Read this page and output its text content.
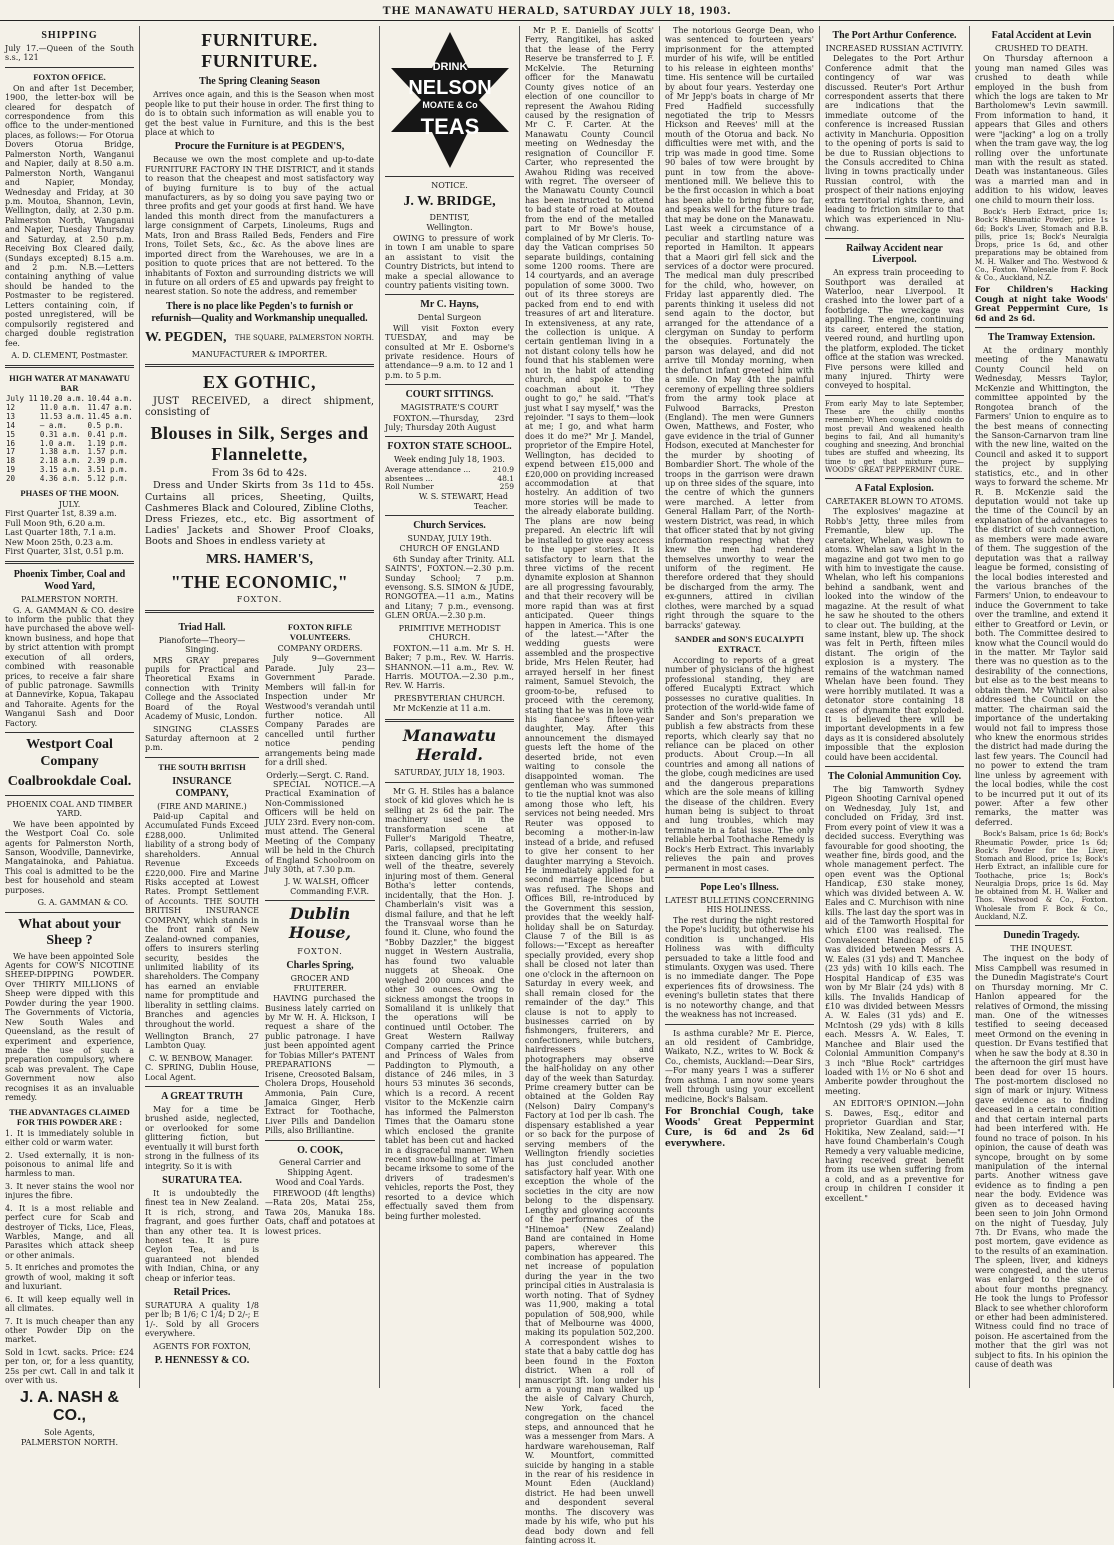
THE MANAWATU HERALD, SATURDAY JULY 18, 1903.
SHIPPING

July 17.—Queen of the South s.s., 121

FOXTON OFFICE.

On and after 1st December, 1900, the letter-box will be cleared for despatch of correspondence from this office to the under-mentioned places, as follows:— For Otorua Dovers Otorua Bridge, Palmerston North, Wanganui and Napier, daily at 8.50 a.m. Palmerston North, Wanganui and Napier, Monday, Wednesday and Friday, at 30 p.m. Moutoa, Shannon, Levin, Wellington, daily, at 2.30 p.m. Palmerston North, Wanganui and Napier, Tuesday Thursday and Saturday, at 2.50 p.m. Receiving Box Cleared daily, (Sundays excepted) 8.15 a.m. and 2 p.m. N.B.—Letters containing anything of value should be handed to the Postmaster to be registered. Letters containing coin, if posted unregistered, will be compulsorily registered and charged double registration fee.

A. D. CLEMENT, Postmaster.
HIGH WATER AT MANAWATU BAR
July 11	10.20 a.m.	10.44 a.m.
12	11.0 a.m.	11.47 a.m.
13	11.53 a.m.	11.45 a.m.
14	— a.m.	0.5 p.m.
15	0.31 a.m.	0.41 p.m.
16	1.0 a.m.	1.19 p.m.
17	1.38 a.m.	1.57 p.m.
18	2.18 a.m.	2.39 p.m.
19	3.15 a.m.	3.51 p.m.
20	4.36 a.m.	5.12 p.m.
PHASES OF THE MOON.
JULY.
First Quarter 1st, 8.39 a.m.
Full Moon 9th, 6.20 a.m.
Last Quarter 18th, 7.1 a.m.
New Moon 25th, 0.23 a.m.
First Quarter, 31st, 0.51 p.m.
Phoenix Timber, Coal and Wood Yard,
PALMERSTON NORTH.

G. A. GAMMAN & CO. desire to inform the public that they have purchased the above well-known business, and hope that by strict attention with prompt execution of all orders, combined with reasonable prices, to receive a fair share of public patronage. Sawmills at Dannevirke, Kopua, Takapau and Tahoraite. Agents for the Wanganui Sash and Door Factory.

Westport Coal Company
Coalbrookdale Coal.
PHOENIX COAL AND TIMBER YARD.

We have been appointed by the Westport Coal Co. sole agents for Palmerston North, Sanson, Woodville, Dannevirke, Mangatainoka, and Pahiatua. This coal is admitted to be the best for household and steam purposes.

G. A. GAMMAN & CO.
What about your Sheep ?

We have been appointed Sole Agents for COW'S NICOTINE SHEEP-DIPPING POWDER. Over THIRTY MILLIONS of Sheep were dipped with this Powder during the year 1900. The Governments of Victoria, New South Wales and Queensland, as the result of experiment and experience, made the use of such a preparation compulsory, where scab was prevalent. The Cape Government now also recognises it as an invaluable remedy.

THE ADVANTAGES CLAIMED FOR THIS POWDER ARE :
1. It is immediately soluble in either cold or warm water.
2. Used externally, it is non-poisonous to animal life and harmless to man.
3. It never stains the wool nor injures the fibre.
4. It is a most reliable and perfect cure for Scab and destroyer of Ticks, Lice, Fleas, Warbles, Mange, and all Parasites which attack sheep or other animals.
5. It enriches and promotes the growth of wool, making it soft and luxuriant.
6. It will keep equally well in all climates.
7. It is much cheaper than any other Powder Dip on the market.

Sold in 1cwt. sacks. Price: £24 per ton, or, for a less quantity, 25s per cwt. Call in and talk it over with us.

J. A. NASH & CO.,
Sole Agents,
PALMERSTON NORTH.
FURNITURE. FURNITURE.
The Spring Cleaning Season

Arrives once again, and this is the Season when most people like to put their house in order. The first thing to do is to obtain such information as will enable you to get the best value in Furniture, and this is the best place at which to

Procure the Furniture is at PEGDEN'S,

Because we own the most complete and up-to-date FURNITURE FACTORY IN THE DISTRICT, and it stands to reason that the cheapest and most satisfactory way of buying furniture is to buy of the actual manufacturers, as by so doing you save paying two or three profits and get your goods at first hand. We have landed this month direct from the manufacturers a large consignment of Carpets, Linoleums, Rugs and Mats, Iron and Brass Railed Beds, Fenders and Fire Irons, Toilet Sets, &c., &c. As the above lines are imported direct from the Warehouses, we are in a position to quote prices that are not bettered. To the inhabitants of Foxton and surrounding districts we will in future on all orders of £5 and upwards pay freight to nearest station. So note the address, and remember

There is no place like Pegden's to furnish or refurnish—Quality and Workmanship unequalled.
W. PEGDEN, THE SQUARE, PALMERSTON NORTH.
MANUFACTURER & IMPORTER.
EX GOTHIC,

JUST RECEIVED, a direct shipment, consisting of

Blouses in Silk, Serges and Flannelette,
From 3s 6d to 42s.

Dress and Under Skirts from 3s 11d to 45s. Curtains all prices, Sheeting, Quilts, Cashmeres Black and Coloured, Zibline Cloths, Dress Friezes, etc., etc. Big assortment of Ladies' Jackets and Shower Proof Cloaks, Boots and Shoes in endless variety at

MRS. HAMER'S,
"THE ECONOMIC,"
FOXTON.
Triad Hall.
Pianoforte—Theory—Singing.

MRS GRAY prepares pupils for Practical and Theoretical Exams in connection with Trinity College and the Associated Board of the Royal Academy of Music, London.

SINGING CLASSES Saturday afternoon at 2 p.m.

THE SOUTH BRITISH
INSURANCE COMPANY,
(FIRE AND MARINE.)

Paid-up Capital and Accumulated Funds Exceed £288,000. Unlimited liability of a strong body of shareholders. Annual Revenue Exceeds £220,000. Fire and Marine Risks accepted at Lowest Rates. Prompt Settlement of Accounts. THE SOUTH BRITISH INSURANCE COMPANY, which stands in the front rank of New Zealand-owned companies, offers to insurers sterling security, besides the unlimited liability of its shareholders. The Company has earned an enviable name for promptitude and liberality in settling claims. Branches and agencies throughout the world.

Wellington Branch, 27 Lambton Quay.

C. W. BENBOW, Manager.

C. SPRING, Dublin House, Local Agent.

A GREAT TRUTH

May for a time be brushed aside, neglected, or overlooked for some glittering fiction, but eventually it will burst forth strong in the fullness of its integrity. So it is with

SURATURA TEA.

It is undoubtedly the finest tea in New Zealand. It is rich, strong, and fragrant, and goes further than any other tea. It is honest tea. It is pure Ceylon Tea, and is guaranteed not blended with Indian, China, or any cheap or inferior teas.

Retail Prices.

SURATURA A quality 1/8 per lb; B 1/6; C 1/4; D 2/-; E 1/-. Sold by all Grocers everywhere.

AGENTS FOR FOXTON,
P. HENNESSY & CO.
FOXTON RIFLE VOLUNTEERS.
COMPANY ORDERS.

July 9—Government Parade. July 23—Government Parade. Members will fall-in for Inspection under Mr Westwood's verandah until further notice. All Company Parades are cancelled until further notice pending arrangements being made for a drill shed.

Orderly.—Sergt. C. Rand.

SPECIAL NOTICE.—A Practical Examination of Non-Commissioned Officers will be held on JULY 23rd. Every non-com. must attend. The General Meeting of the Company will be held in the Church of England Schoolroom on July 30th, at 7.30 p.m.

J. W. WALSH, Officer Commanding F.V.R.
Dublin House,
FOXTON.
Charles Spring,
GROCER AND FRUITERER.

HAVING purchased the Business lately carried on by Mr W. H. A. Hickson, I request a share of the public patronage. I have just been appointed agent for Tobias Miller's PATENT PREPARATIONS — Irisene, Creosoted Balsam, Cholera Drops, Household Ammonia, Pain Cure, Jamaica Ginger, Herb Extract for Toothache, Liver Pills and Dandelion Pills, also Brilliantine.

O. COOK,
General Carrier and Shipping Agent.
Wood and Coal Yards.

FIREWOOD (4ft lengths)—Rata 20s, Matai 25s, Tawa 20s, Manuka 18s. Oats, chaff and potatoes at lowest prices.

DRINK
NELSON
MOATE & Co
TEAS
NOTICE.
J. W. BRIDGE,
DENTIST,
Wellington.

OWING to pressure of work in town I am unable to spare an assistant to visit the Country Districts, but intend to make a special allowance to country patients visiting town.

Mr C. Hayns,
Dental Surgeon

Will visit Foxton every TUESDAY, and may be consulted at Mr E. Osborne's private residence. Hours of attendance—9 a.m. to 12 and 1 p.m. to 5 p.m.

COURT SITTINGS.
MAGISTRATE'S COURT

FOXTON.—Thursday, 23rd July; Thursday 20th August

FOXTON STATE SCHOOL.
Week ending July 18, 1903.
Average attendance ...	210.9
absentees ...	48.1
Roll Number	259
W. S. STEWART, Head Teacher.
Church Services.
SUNDAY, JULY 19th.
CHURCH OF ENGLAND

6th Sunday after Trinity. ALL SAINTS', FOXTON.—2.30 p.m. Sunday School; 7 p.m. evensong. S.S. SIMON & JUDE, RONGOTEA.—11 a.m., Matins and Litany; 7 p.m., evensong. GLEN ORUA.—2.30 p.m.

PRIMITIVE METHODIST CHURCH.

FOXTON.—11 a.m. Mr S. H. Baker; 7 p.m., Rev. W. Harris. SHANNON.—11 a.m., Rev. W. Harris. MOUTOA.—2.30 p.m., Rev. W. Harris.

PRESBYTERIAN CHURCH.

Mr McKenzie at 11 a.m.

Manawatu Herald.
SATURDAY, JULY 18, 1903.

Mr G. H. Stiles has a balance stock of kid gloves which he is selling at 2s 6d the pair. The machinery used in the transformation scene at Fuller's Marigold Theatre, Paris, collapsed, precipitating sixteen dancing girls into the well of the theatre, severely injuring most of them. General Botha's letter contends, incidentally, that the Hon. J. Chamberlain's visit was a dismal failure, and that he left the Transvaal worse than he found it. Clune, who found the "Bobby Dazzler," the biggest nugget in Western Australia, has found two valuable nuggets at Sheoak. One weighed 200 ounces and the other 30 ounces. Owing to sickness amongst the troops in Somaliland it is unlikely that the operations will be continued until October. The Great Western Railway Company carried the Prince and Princess of Wales from Paddington to Plymouth, a distance of 246 miles, in 3 hours 53 minutes 36 seconds, which is a record. A recent visitor to the McKenzie cairn has informed the Palmerston Times that the Oamaru stone which enclosed the granite tablet has been cut and hacked in a disgraceful manner. When recent snow-balling at Timaru became irksome to some of the drivers of tradesmen's vehicles, reports the Post, they resorted to a device which effectually saved them from being further molested.

Mr P. E. Daniells of Scotts' Ferry, Rangitikei, has asked that the lease of the Ferry Reserve be transferred to J. F. McKelvie. The Returning officer for the Manawatu County gives notice of an election of one councillor to represent the Awahou Riding caused by the resignation of Mr C. F. Carter. At the Manawatu County Council meeting on Wednesday the resignation of Councillor F. Carter, who represented the Awahou Riding was received with regret. The overseer of the Manawatu County Council has been instructed to attend to bad state of road at Moutoa from the end of the metalled part to Mr Bowe's house, complained of by Mr Cleris. To-day the Vatican comprises 50 separate buildings, containing some 1200 rooms. There are 14 courtyards, and an average population of some 3000. Two out of its three storeys are packed from end to end with treasures of art and literature. In extensiveness, at any rate, the collection is unique. A certain gentleman living in a not distant colony tells how he found that his stablemen were not in the habit of attending church, and spoke to the coachman about it. "They ought to go," he said. "That's just what I say myself," was the rejoinder. "I says to them—look at me; I go, and what harm does it do me?" Mr J. Mandel, proprietor of the Empire Hotel, Wellington, has decided to expend between £15,000 and £20,000 on providing increased accommodation at that hostelry. An addition of two more stories will be made to the already elaborate building. The plans are now being prepared. An electric lift will be installed to give easy access to the upper stories. It is satisfactory to learn that the three victims of the recent dynamite explosion at Shannon are all progressing favourably, and that their recovery will be more rapid than was at first anticipated. Queer things happen in America. This is one of the latest.—"After the wedding guests were assembled and the prospective bride, Mrs Helen Reuter, had arrayed herself in her finest raiment, Samuel Stevoich, the groom-to-be, refused to proceed with the ceremony, stating that he was in love with his fiancee's fifteen-year daughter, May. After this announcement the dismayed guests left the home of the deserted bride, not even waiting to console the disappointed woman. The gentleman who was summoned to tie the nuptial knot was also among those who left, his services not being needed. Mrs Reuter was opposed to becoming a mother-in-law instead of a bride, and refused to give her consent to her daughter marrying a Stevoich. He immediately applied for a second marriage license but was refused. The Shops and Offices Bill, re-introduced by the Government this session, provides that the weekly half-holiday shall be on Saturday. Clause 7 of the Bill is as follows:—"Except as hereafter specially provided, every shop shall be closed not later than one o'clock in the afternoon on Saturday in every week, and shall remain closed for the remainder of the day." This clause is not to apply to businesses carried on by fishmongers, fruiterers, and confectioners, while butchers, hairdressers and photographers may observe the half-holiday on any other day of the week than Saturday. Prime creamery butter can be obtained at the Golden Ray (Nelson) Dairy Company's Factory at 1od per lb cash. The dispensary established a year or so back for the purpose of serving members of the Wellington friendly societies has just concluded another satisfactory half year. With one exception the whole of the societies in the city are now belong to the dispensary. Lengthy and glowing accounts of the performances of the "Hinemoa" (New Zealand) Band are contained in Home papers, wherever this combination has appeared. The net increase of population during the year in the two principal cities in Australasia is worth noting. That of Sydney was 11,900, making a total population of 508,900, while that of Melbourne was 4000, making its population 502,200. A correspondent wishes to state that a baby cattle dog has been found in the Foxton district. When a roll of manuscript 3ft. long under his arm a young man walked up the aisle of Calvary Church, New York, faced the congregation on the chancel steps, and announced that he was a messenger from Mars. A hardware warehouseman, Ralf W. Mountfort, committed suicide by hanging in a stable in the rear of his residence in Mount Eden (Auckland) district. He had been unwell and despondent several months. The discovery was made by his wife, who put his dead body down and fell fainting across it.

The notorious George Dean, who was sentenced to fourteen years' imprisonment for the attempted murder of his wife, will be entitled to his release in eighteen months' time. His sentence will be curtailed by about four years. Yesterday one of Mr Jepp's boats in charge of Mr Fred Hadfield successfully negotiated the trip to Messrs Hickson and Reeves' mill at the mouth of the Otorua and back. No difficulties were met with, and the trip was made in good time. Some 90 bales of tow were brought by punt in tow from the above-mentioned mill. We believe this to be the first occasion in which a boat has been able to bring fibre so far, and speaks well for the future trade that may be done on the Manawatu. Last week a circumstance of a peculiar and startling nature was reported in Hamilton. It appears that a Maori girl fell sick and the services of a doctor were procured. The medical man duly prescribed for the child, who, however, on Friday last apparently died. The parents thinking it useless did not send again to the doctor, but arranged for the attendance of a clergyman on Sunday to perform the obsequies. Fortunately the parson was delayed, and did not arrive till Monday morning, when the defunct infant greeted him with a smile. On May 4th the painful ceremony of expelling three soldiers from the army took place at Fulwood Barracks, Preston (England). The men were Gunners Owen, Matthews, and Foster, who gave evidence in the trial of Gunner Hodson, executed at Manchester for the murder by shooting of Bombardier Short. The whole of the troops in the garrison were drawn up on three sides of the square, into the centre of which the gunners were marched. A letter from General Hallam Parr, of the North-western District, was read, in which that officer stated that by not giving information respecting what they knew the men had rendered themselves unworthy to wear the uniform of the regiment. He therefore ordered that they should be discharged from the army. The ex-gunners, attired in civilian clothes, were marched by a squad right through the square to the barracks' gateway.

SANDER and SON'S EUCALYPTI EXTRACT.

According to reports of a great number of physicians of the highest professional standing, they are offered Eucalypti Extract which possesses no curative qualities. In protection of the world-wide fame of Sander and Son's preparation we publish a few abstracts from these reports, which clearly say that no reliance can be placed on other products. About Croup.—In all countries and among all nations of the globe, cough medicines are used and the dangerous preparations which are the sole means of killing the disease of the children. Every human being is subject to throat and lung troubles, which may terminate in a fatal issue. The only reliable herbal Toothache Remedy is Bock's Herb Extract. This invariably relieves the pain and proves permanent in most cases.

Pope Leo's Illness.
LATEST BULLETINS CONCERNING HIS HOLINESS.

The rest during the night restored the Pope's lucidity, but otherwise his condition is unchanged. His Holiness was with difficulty persuaded to take a little food and stimulants. Oxygen was used. There is no immediate danger. The Pope experiences fits of drowsiness. The evening's bulletin states that there is no noteworthy change, and that the weakness has not increased.

Is asthma curable? Mr E. Pierce, an old resident of Cambridge, Waikato, N.Z., writes to W. Bock & Co., chemists, Auckland:—Dear Sirs,—For many years I was a sufferer from asthma. I am now some years well through using your excellent medicine, Bock's Balsam.

For Bronchial Cough, take Woods' Great Peppermint Cure, is 6d and 2s 6d everywhere.

The Port Arthur Conference.
INCREASED RUSSIAN ACTIVITY.

Delegates to the Port Arthur Conference admit that the contingency of war was discussed. Reuter's Port Arthur correspondent asserts that there are indications that the immediate outcome of the conference is increased Russian activity in Manchuria. Opposition to the opening of ports is said to be due to Russian objections to the Consuls accredited to China living in towns practically under Russian control, with the prospect of their nations enjoying extra territorial rights there, and leading to friction similar to that which was experienced in Niu-chwang.

Railway Accident near Liverpool.

An express train proceeding to Southport was derailed at Waterloo, near Liverpool. It crashed into the lower part of a footbridge. The wreckage was appalling. The engine, continuing its career, entered the station, veered round, and hurtling upon the platform, exploded. The ticket office at the station was wrecked. Five persons were killed and many injured. Thirty were conveyed to hospital.

From early May to late September, These are the chilly months remember; When coughs and colds do most prevail And weakened health begins to fail, And all humanity's coughing and sneezing, And bronchial tubes are stuffed and wheezing, Its time to get that mixture pure—WOODS' GREAT PEPPERMINT CURE.

A Fatal Explosion.
CARETAKER BLOWN TO ATOMS.

The explosives' magazine at Robb's Jetty, three miles from Fremantle, blew up. The caretaker, Whelan, was blown to atoms. Whelan saw a light in the magazine and got two men to go with him to investigate the cause. Whelan, who left his companions behind a sandbank, went and looked into the window of the magazine. At the result of what he saw he shouted to the others to clear out. The building, at the same instant, blew up. The shock was felt in Perth, fifteen miles distant. The origin of the explosion is a mystery. The remains of the watchman named Whelan have been found. They were horribly mutilated. It was a detonator store containing 18 cases of dynamite that exploded. It is believed there will be important developments in a few days as it is considered absolutely impossible that the explosion could have been accidental.

The Colonial Ammunition Coy.

The big Tamworth Sydney Pigeon Shooting Carnival opened on Wednesday, July 1st, and concluded on Friday, 3rd inst. From every point of view it was a decided success. Everything was favourable for good shooting, the weather fine, birds good, and the whole management perfect. The open event was the Optional Handicap, £30 stake money, which was divided between A. W. Eales and C. Murchison with nine kills. The last day the sport was in aid of the Tamworth Hospital for which £100 was realised. The Convalescent Handicap of £15 was divided between Messrs A. W. Eales (31 yds) and T. Manchee (23 yds) with 10 kills each. The Hospital Handicap of £35 was won by Mr Blair (24 yds) with 8 kills. The Invalids Handicap of £10 was divided between Messrs A. W. Eales (31 yds) and E. McIntosh (29 yds) with 8 kills each. Messrs A. W. Eales, T. Manchee and Blair used the Colonial Ammunition Company's 3 inch "Blue Rock" cartridges loaded with 1½ or No 6 shot and Amberite powder throughout the meeting.

AN EDITOR'S OPINION.—John S. Dawes, Esq., editor and proprietor Guardian and Star, Hokitika, New Zealand, said:—"I have found Chamberlain's Cough Remedy a very valuable medicine, having received great benefit from its use when suffering from a cold, and as a preventive for croup in children I consider it excellent."

Fatal Accident at Levin
CRUSHED TO DEATH.

On Thursday afternoon a young man named Giles was crushed to death while employed in the bush from which the logs are taken to Mr Bartholomew's Levin sawmill. From information to hand, it appears that Giles and others were "jacking" a log on a trolly when the tram gave way, the log rolling over the unfortunate man with the result as stated. Death was instantaneous. Giles was a married man and in addition to his widow, leaves one child to mourn their loss.

Bock's Herb Extract, price 1s; Bock's Rheumatic Powder, price 1s 6d; Bock's Liver, Stomach and B.B. pills, price 1s; Bock's Neuralgia Drops, price 1s 6d, and other preparations may be obtained from M. H. Walker and Tho. Westwood & Co., Foxton. Wholesale from F. Bock & Co., Auckland, N.Z.

For Children's Hacking Cough at night take Woods' Great Peppermint Cure, 1s 6d and 2s 6d.

The Tramway Extension.

At the ordinary monthly meeting of the Manawatu County Council held on Wednesday, Messrs Taylor, McKenzie and Whittington, the committee appointed by the Rongotea branch of the Farmers' Union to enquire as to the best means of connecting the Sanson-Carnarvon tram line with the new line, waited on the Council and asked it to support the project by supplying statistics, etc., and in other ways to forward the scheme. Mr R. B. McKenzie said the deputation would not take up the time of the Council by an explanation of the advantages to the district of such connection, as members were made aware of them. The suggestion of the deputation was that a railway league be formed, consisting of the local bodies interested and the various branches of the Farmers' Union, to endeavour to induce the Government to take over the tramline, and extend it either to Greatford or Levin, or both. The Committee desired to know what the Council would do in the matter. Mr Taylor said there was no question as to the desirability of the connections, but else as to the best means to obtain them. Mr Whittaker also addressed the Council on the matter. The chairman said the importance of the undertaking would not fail to impress those who knew the enormous strides the district had made during the last few years. The Council had no power to extend the tram line unless by agreement with the local bodies, while the cost to be incurred put it out of its power. After a few other remarks, the matter was deferred.

Bock's Balsam, price 1s 6d; Bock's Rheumatic Powder, price 1s 6d; Bock's Powder for the Liver, Stomach and Blood, price 1s; Bock's Herb Extract, an infallible cure for Toothache, price 1s; Bock's Neuralgia Drops, price 1s 6d. May be obtained from M. H. Walker and Thos. Westwood & Co., Foxton. Wholesale from F. Bock & Co., Auckland, N.Z.

Dunedin Tragedy.
THE INQUEST.

The inquest on the body of Miss Campbell was resumed in the Dunedin Magistrate's Court on Thursday morning. Mr C. Hanlon appeared for the relatives of Ormond, the missing man. One of the witnesses testified to seeing deceased meet Ormond on the evening in question. Dr Evans testified that when he saw the body at 8.30 in the afternoon the girl must have been dead for over 15 hours. The post-mortem disclosed no sign of mark or injury. Witness gave evidence as to finding deceased in a certain condition and that certain internal parts had been interfered with. He found no trace of poison. In his opinion, the cause of death was syncope, brought on by some manipulation of the internal parts. Another witness gave evidence as to finding a pen near the body. Evidence was given as to deceased having been seen to join John Ormond on the night of Tuesday, July 7th. Dr Evans, who made the post mortem, gave evidence as to the results of an examination. The spleen, liver, and kidneys were congested, and the uterus was enlarged to the size of about four months pregnancy. He took the lungs to Professor Black to see whether chloroform or ether had been administered. Witness could find no trace of poison. He ascertained from the mother that the girl was not subject to fits. In his opinion the cause of death was
